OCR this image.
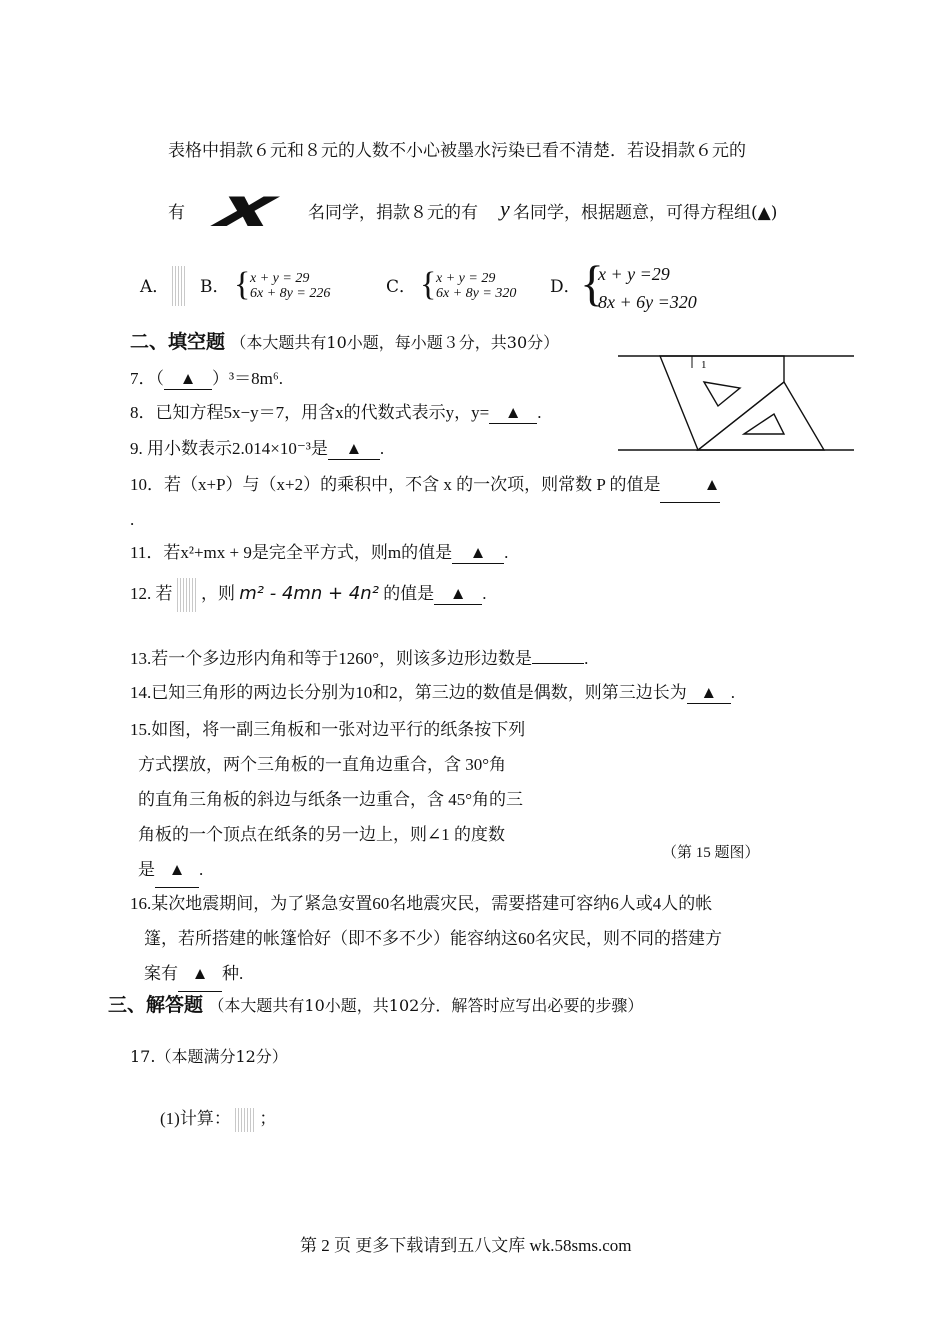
表格中捐款６元和８元的人数不小心被墨水污染已看不清楚．若设捐款６元的
有 x 名同学，捐款８元的有 y 名同学，根据题意，可得方程组(▲)
A． B． { x + y = 29
6x + 8y = 226	C． { x + y = 29
6x + 8y = 320 D． {
x + y =29
8x + 6y =320
二、填空题 （本大题共有10小题，每小题３分，共30分）
1
7．（ ▲ ）³＝8m⁶.
8．已知方程5x−y＝7，用含x的代数式表示y，y= ▲ .
9. 用小数表示2.014×10⁻³是 ▲ .
10．若（x+P）与（x+2）的乘积中，不含 x 的一次项，则常数 P 的值是	▲
.
11．若x²+mx + 9是完全平方式，则m的值是 ▲ .
12. 若 ，则 m² - 4mn + 4n² 的值是 ▲ .
13.若一个多边形内角和等于1260°，则该多边形边数是	.
14.已知三角形的两边长分别为10和2，第三边的数值是偶数，则第三边长为 ▲ .
15.如图，将一副三角板和一张对边平行的纸条按下列
方式摆放，两个三角板的一直角边重合，含 30°角
的直角三角板的斜边与纸条一边重合，含 45°角的三
角板的一个顶点在纸条的另一边上，则∠1 的度数
是 ▲ .
（第 15 题图）
16.某次地震期间，为了紧急安置60名地震灾民，需要搭建可容纳6人或4人的帐
篷，若所搭建的帐篷恰好（即不多不少）能容纳这60名灾民，则不同的搭建方
案有 ▲ 种.
三、解答题 （本大题共有10小题，共102分．解答时应写出必要的步骤）
17.（本题满分12分）
(1)计算： ；
第 2 页 更多下载请到五八文库 wk.58sms.com
